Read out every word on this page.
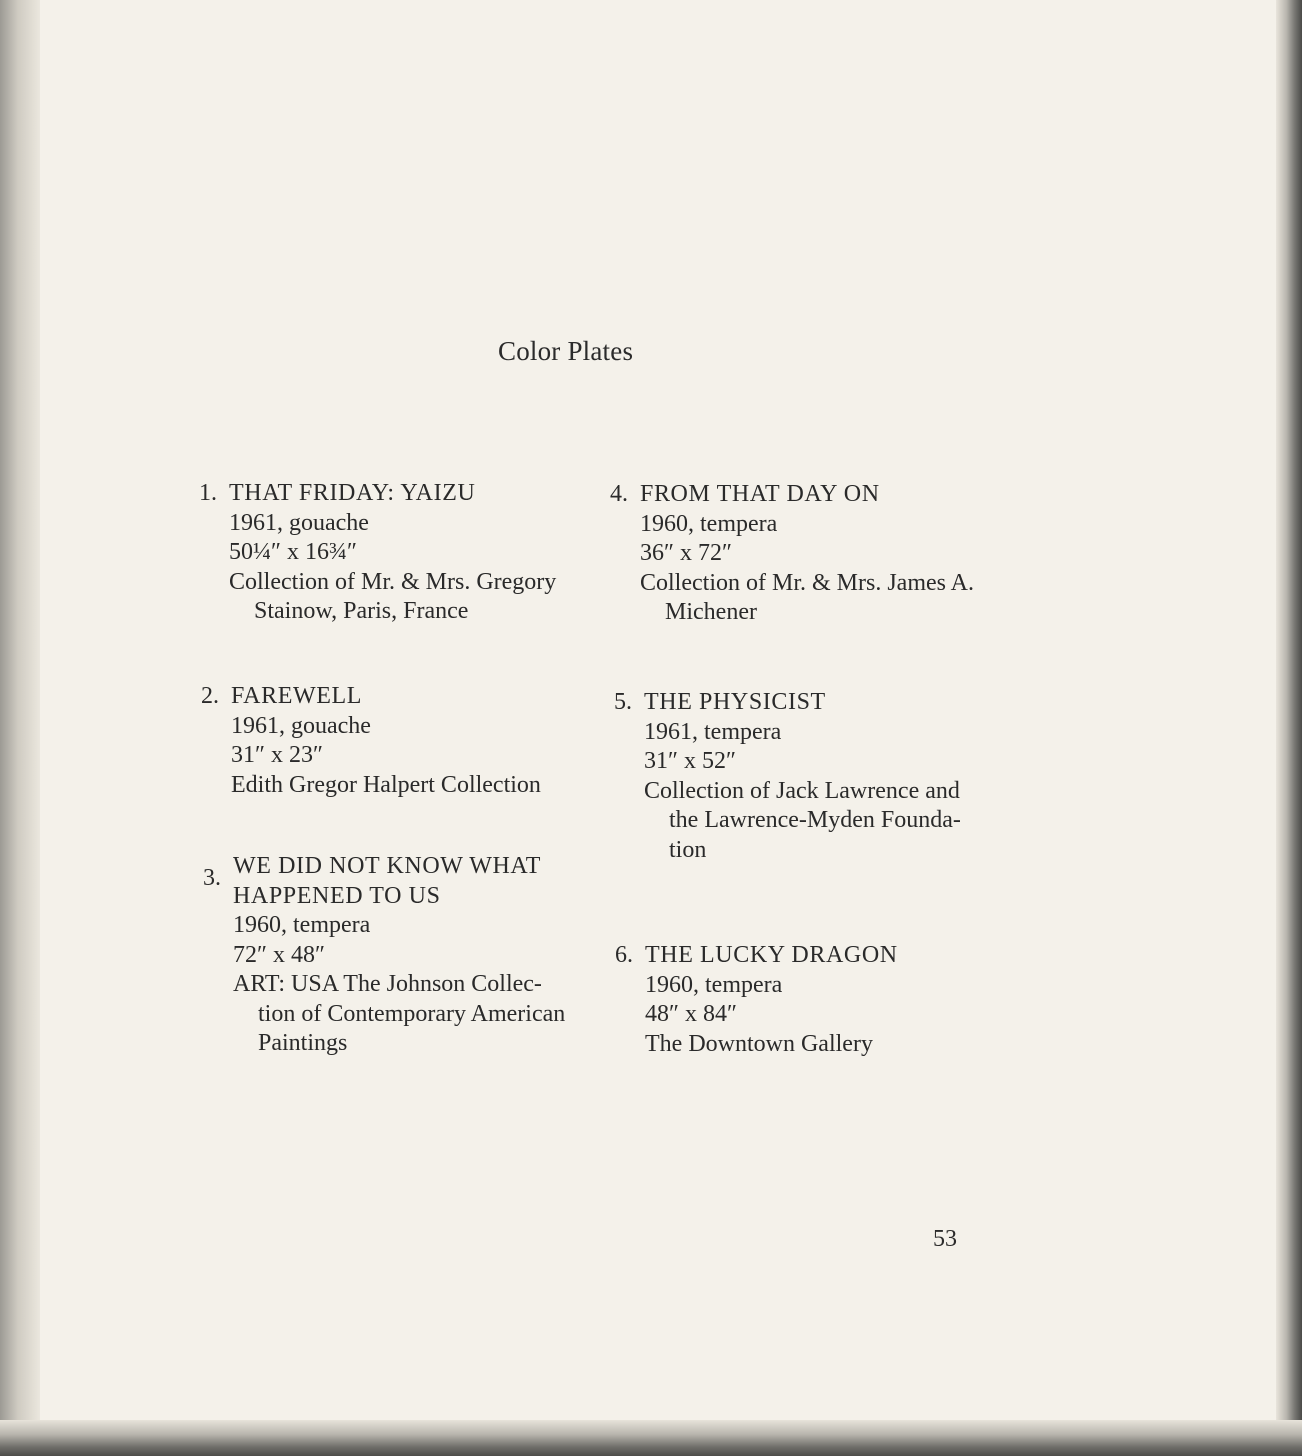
Color Plates
1. THAT FRIDAY: YAIZU
1961, gouache
50¼″ x 16¾″
Collection of Mr. & Mrs. Gregory
Stainow, Paris, France
2. FAREWELL
1961, gouache
31″ x 23″
Edith Gregor Halpert Collection
3. WE DID NOT KNOW WHAT
HAPPENED TO US
1960, tempera
72″ x 48″
ART: USA The Johnson Collec-
tion of Contemporary American
Paintings
4. FROM THAT DAY ON
1960, tempera
36″ x 72″
Collection of Mr. & Mrs. James A.
Michener
5. THE PHYSICIST
1961, tempera
31″ x 52″
Collection of Jack Lawrence and
the Lawrence-Myden Founda-
tion
6. THE LUCKY DRAGON
1960, tempera
48″ x 84″
The Downtown Gallery
53
